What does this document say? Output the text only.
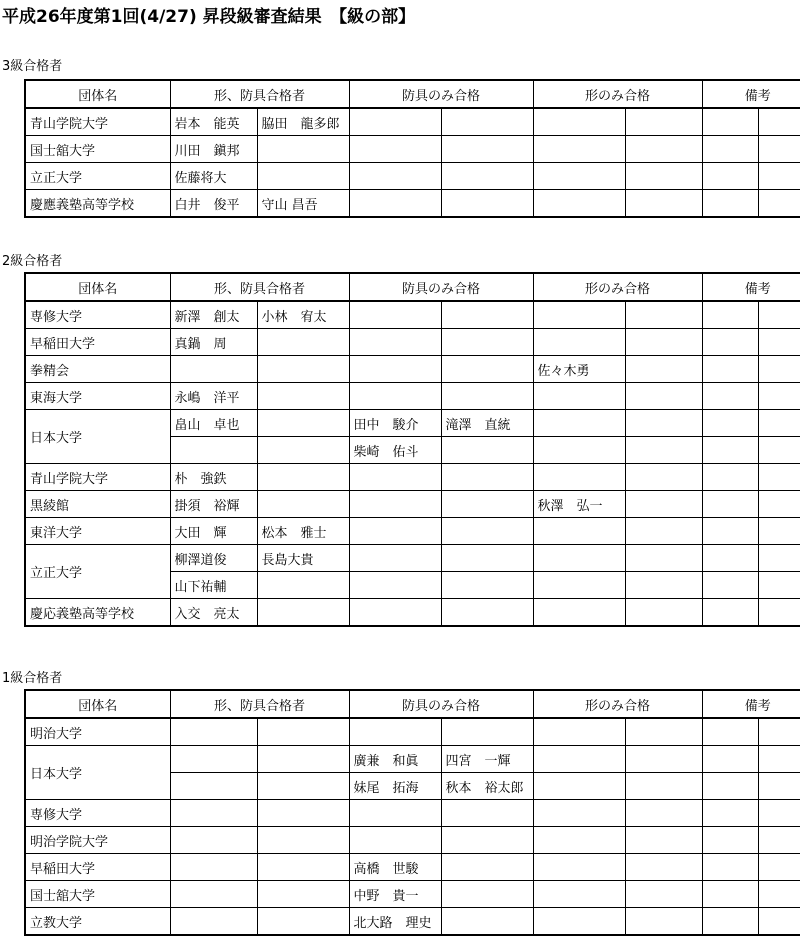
平成26年度第1回(4/27) 昇段級審査結果　【級の部】
3級合格者
団体名	形、防具合格者		防具のみ合格		形のみ合格		備考	
青山学院大学	岩本　能英	脇田　龍多郎						
国士舘大学	川田　鎭邦							
立正大学	佐藤将大							
慶應義塾高等学校	白井　俊平	守山 昌吾						
2級合格者
団体名	形、防具合格者		防具のみ合格		形のみ合格		備考	
専修大学	新澤　創太	小林　宥太						
早稲田大学	真鍋　周							
拳精会					佐々木勇			
東海大学	永嶋　洋平							
日本大学	畠山　卓也		田中　駿介	滝澤　直統				
			柴崎　佑斗					
青山学院大学	朴　強鉄							
黒綾館	掛須　裕輝				秋澤　弘一			
東洋大学	大田　輝	松本　雅士						
立正大学	柳澤道俊	長島大貴						
	山下祐輔							
慶応義塾高等学校	入交　亮太							
1級合格者
団体名	形、防具合格者		防具のみ合格		形のみ合格		備考	
明治大学								
日本大学			廣兼　和眞	四宮　一輝				
			妹尾　拓海	秋本　裕太郎				
専修大学								
明治学院大学								
早稲田大学			高橋　世駿					
国士舘大学			中野　貴一					
立教大学			北大路　理史					
